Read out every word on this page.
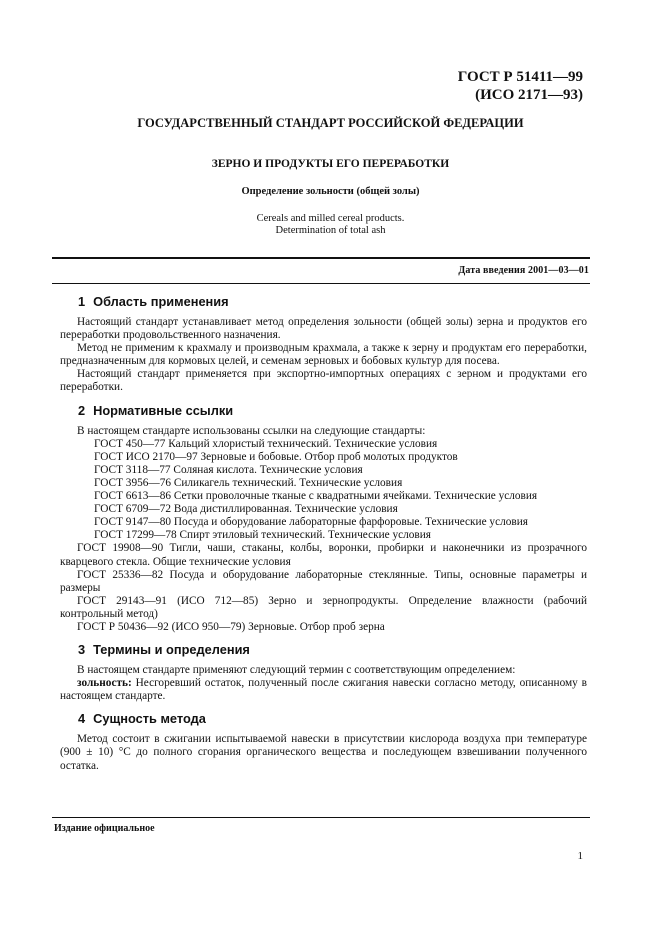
ГОСТ Р 51411—99
(ИСО 2171—93)
ГОСУДАРСТВЕННЫЙ СТАНДАРТ РОССИЙСКОЙ ФЕДЕРАЦИИ
ЗЕРНО И ПРОДУКТЫ ЕГО ПЕРЕРАБОТКИ
Определение зольности (общей золы)
Cereals and milled cereal products.
Determination of total ash
Дата введения 2001—03—01
1 Область применения

Настоящий стандарт устанавливает метод определения зольности (общей золы) зерна и продуктов его переработки продовольственного назначения.

Метод не применим к крахмалу и производным крахмала, а также к зерну и продуктам его переработки, предназначенным для кормовых целей, и семенам зерновых и бобовых культур для посева.

Настоящий стандарт применяется при экспортно-импортных операциях с зерном и продуктами его переработки.

2 Нормативные ссылки

В настоящем стандарте использованы ссылки на следующие стандарты:

ГОСТ 450—77 Кальций хлористый технический. Технические условия

ГОСТ ИСО 2170—97 Зерновые и бобовые. Отбор проб молотых продуктов

ГОСТ 3118—77 Соляная кислота. Технические условия

ГОСТ 3956—76 Силикагель технический. Технические условия

ГОСТ 6613—86 Сетки проволочные тканые с квадратными ячейками. Технические условия

ГОСТ 6709—72 Вода дистиллированная. Технические условия

ГОСТ 9147—80 Посуда и оборудование лабораторные фарфоровые. Технические условия

ГОСТ 17299—78 Спирт этиловый технический. Технические условия

ГОСТ 19908—90 Тигли, чаши, стаканы, колбы, воронки, пробирки и наконечники из прозрачного кварцевого стекла. Общие технические условия

ГОСТ 25336—82 Посуда и оборудование лабораторные стеклянные. Типы, основные параметры и размеры

ГОСТ 29143—91 (ИСО 712—85) Зерно и зернопродукты. Определение влажности (рабочий контрольный метод)

ГОСТ Р 50436—92 (ИСО 950—79) Зерновые. Отбор проб зерна

3 Термины и определения

В настоящем стандарте применяют следующий термин с соответствующим определением:

зольность: Несгоревший остаток, полученный после сжигания навески согласно методу, описанному в настоящем стандарте.

4 Сущность метода

Метод состоит в сжигании испытываемой навески в присутствии кислорода воздуха при температуре (900 ± 10) °С до полного сгорания органического вещества и последующем взвешивании полученного остатка.

Издание официальное
1
